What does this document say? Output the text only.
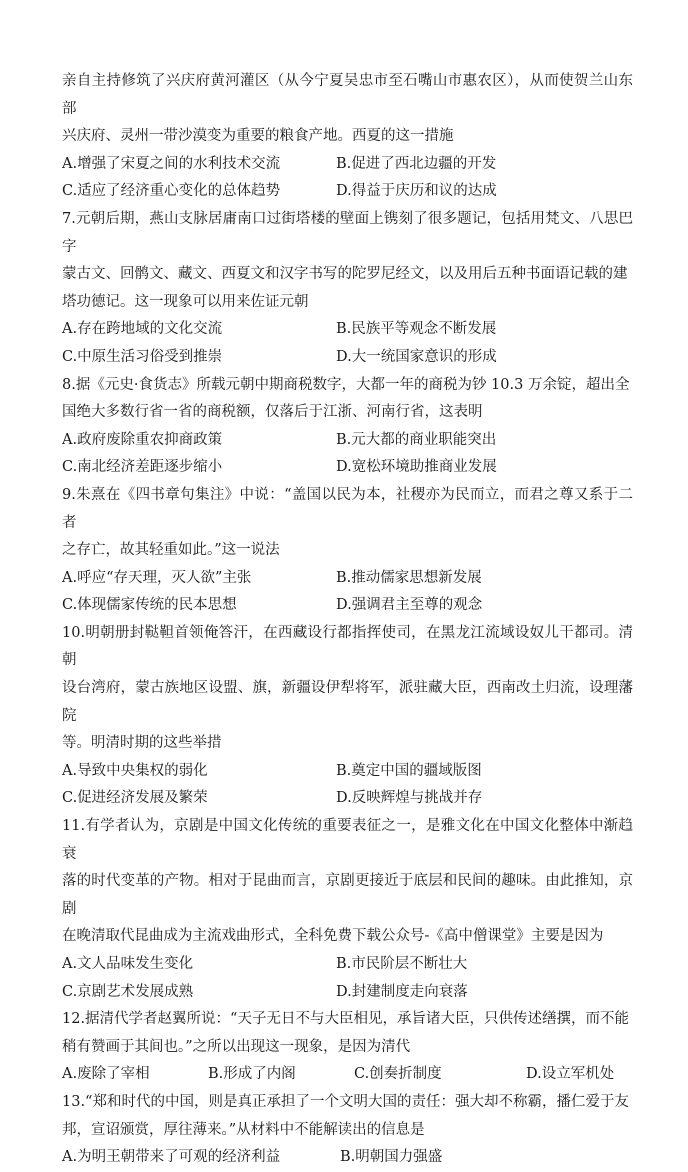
亲自主持修筑了兴庆府黄河灌区（从今宁夏吴忠市至石嘴山市惠农区），从而使贺兰山东部

兴庆府、灵州一带沙漠变为重要的粮食产地。西夏的这一措施

A.增强了宋夏之间的水利技术交流	B.促进了西北边疆的开发
C.适应了经济重心变化的总体趋势	D.得益于庆历和议的达成

7.元朝后期，燕山支脉居庸南口过街塔楼的壁面上镌刻了很多题记，包括用梵文、八思巴字

蒙古文、回鹘文、藏文、西夏文和汉字书写的陀罗尼经文，以及用后五种书面语记载的建

塔功德记。这一现象可以用来佐证元朝

A.存在跨地域的文化交流	B.民族平等观念不断发展
C.中原生活习俗受到推崇	D.大一统国家意识的形成

8.据《元史·食货志》所载元朝中期商税数字，大都一年的商税为钞 10.3 万余锭，超出全

国绝大多数行省一省的商税额，仅落后于江浙、河南行省，这表明

A.政府废除重农抑商政策	B.元大都的商业职能突出
C.南北经济差距逐步缩小	D.宽松环境助推商业发展

9.朱熹在《四书章句集注》中说：“盖国以民为本，社稷亦为民而立，而君之尊又系于二者

之存亡，故其轻重如此。”这一说法

A.呼应“存天理，灭人欲”主张	B.推动儒家思想新发展
C.体现儒家传统的民本思想	D.强调君主至尊的观念

10.明朝册封鞑靼首领俺答汗，在西藏设行都指挥使司，在黑龙江流域设奴儿干都司。清朝

设台湾府，蒙古族地区设盟、旗，新疆设伊犁将军，派驻藏大臣，西南改土归流，设理藩院

等。明清时期的这些举措

A.导致中央集权的弱化	B.奠定中国的疆域版图
C.促进经济发展及繁荣	D.反映辉煌与挑战并存

11.有学者认为，京剧是中国文化传统的重要表征之一，是雅文化在中国文化整体中渐趋衰

落的时代变革的产物。相对于昆曲而言，京剧更接近于底层和民间的趣味。由此推知，京剧

在晚清取代昆曲成为主流戏曲形式，全科免费下载公众号-《高中僧课堂》主要是因为

A.文人品味发生变化	B.市民阶层不断壮大
C.京剧艺术发展成熟	D.封建制度走向衰落

12.据清代学者赵翼所说：“天子无日不与大臣相见，承旨诸大臣，只供传述缮撰，而不能

稍有赞画于其间也。”之所以出现这一现象，是因为清代

A.废除了宰相	B.形成了内阁	C.创奏折制度	D.设立军机处

13.“郑和时代的中国，则是真正承担了一个文明大国的责任：强大却不称霸，播仁爱于友

邦，宣诏颁赏，厚往薄来。”从材料中不能解读出的信息是

A.为明王朝带来了可观的经济利益	B.明朝国力强盛
